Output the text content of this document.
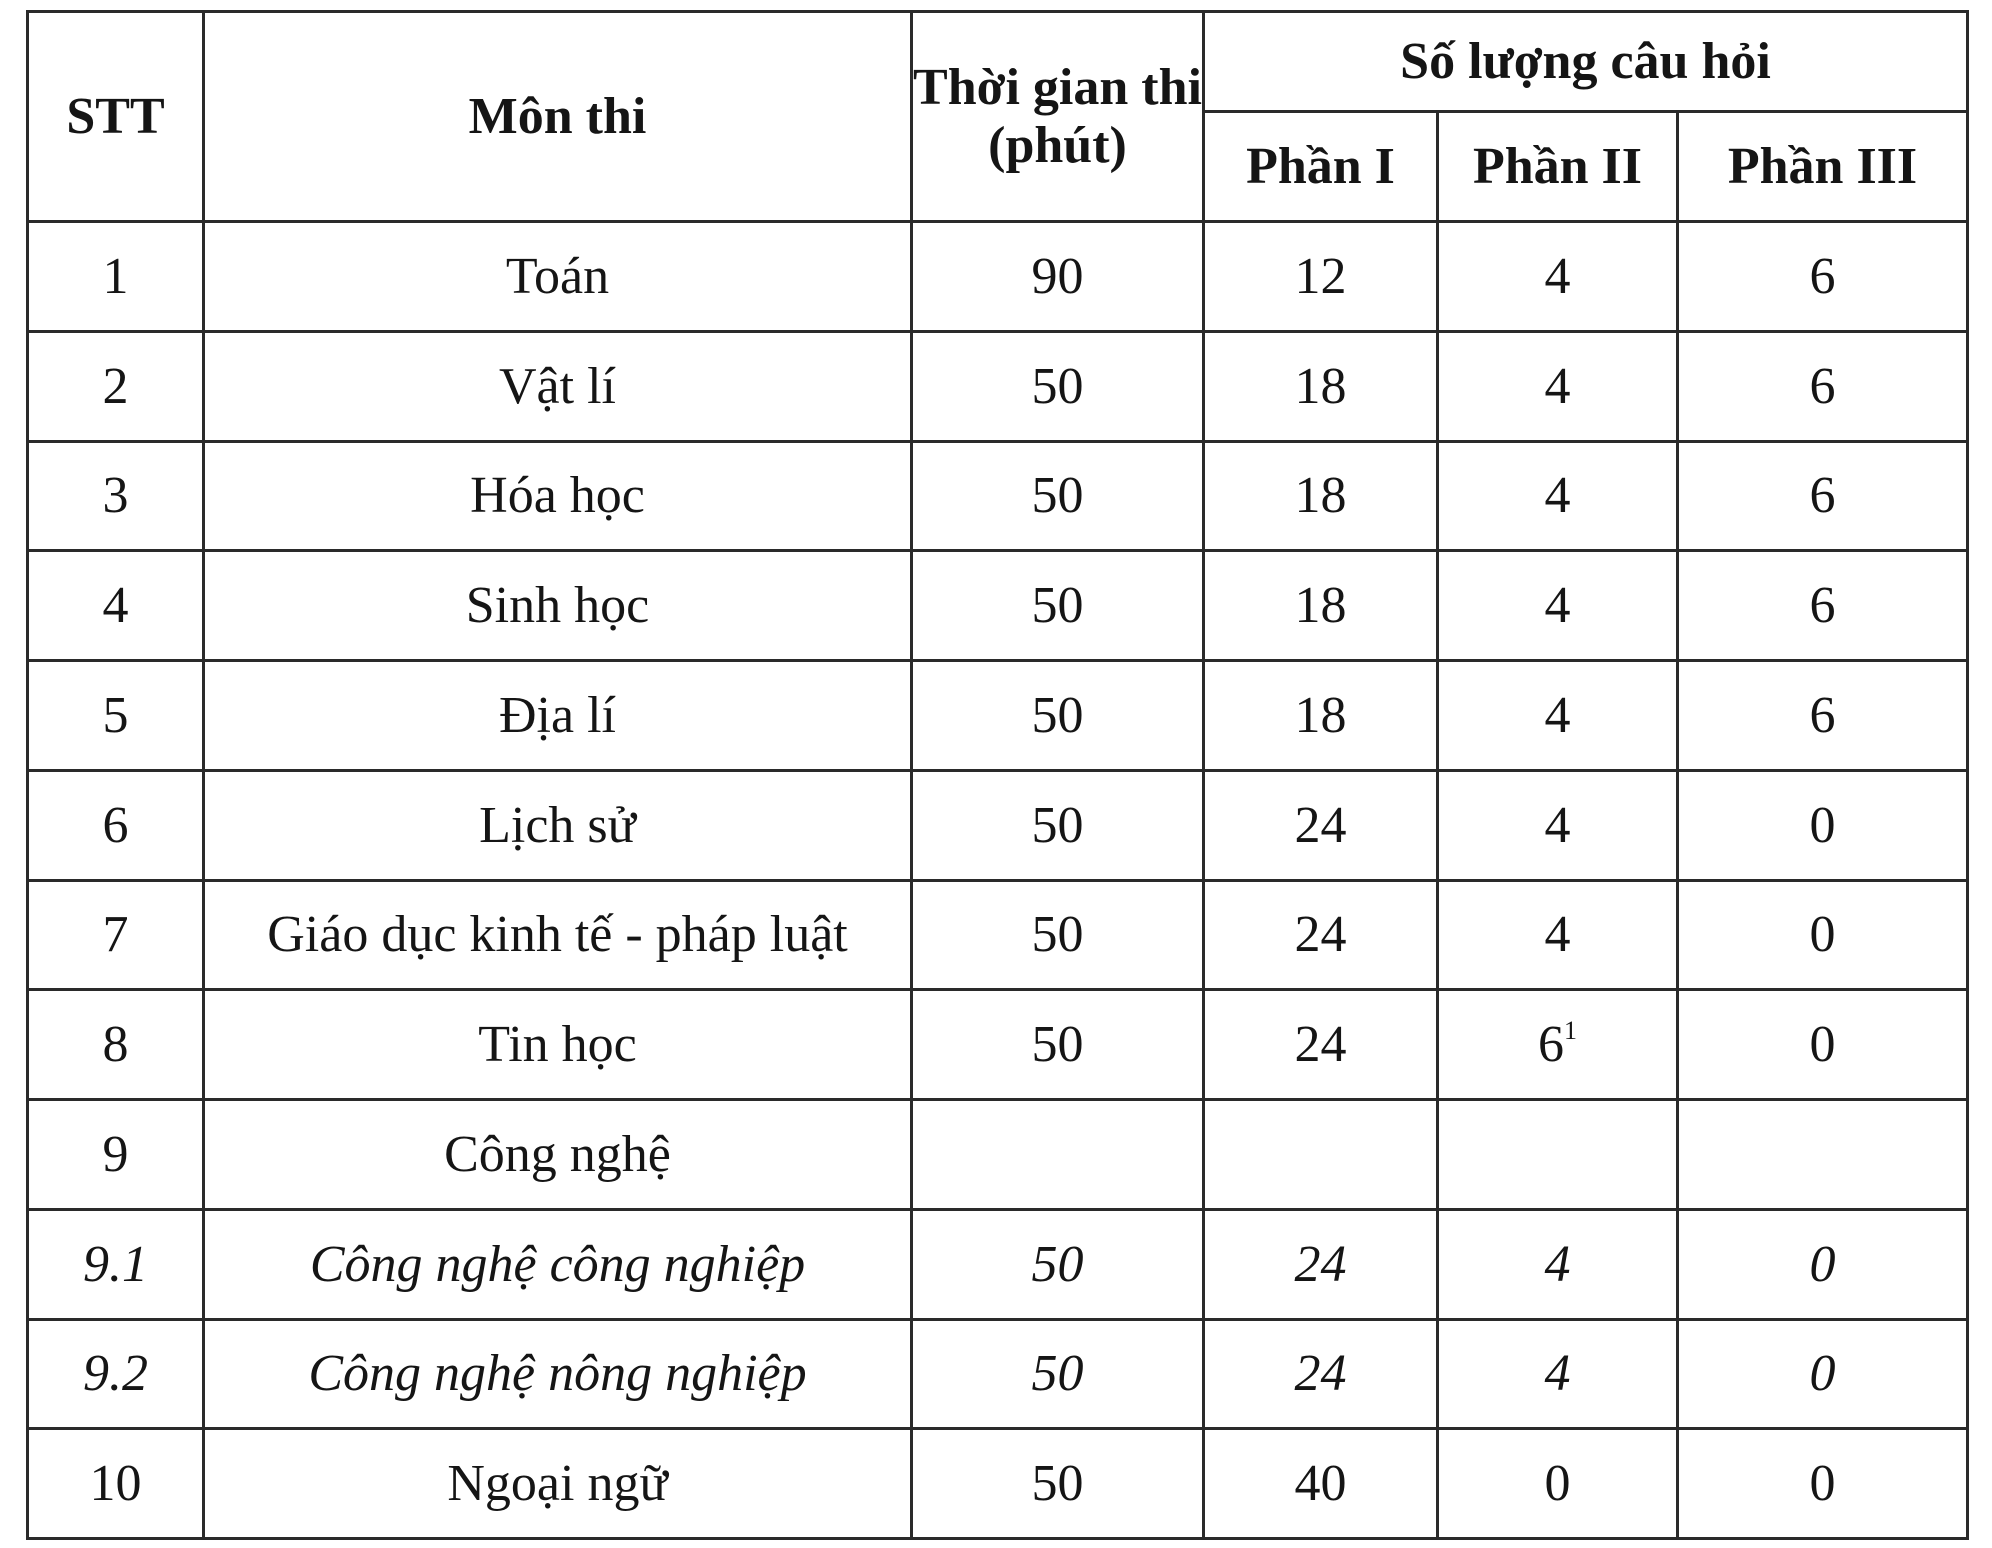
STT	Môn thi	Thời gian thi (phút)	Số lượng câu hỏi		
			Phần I	Phần II	Phần III
1	Toán	90	12	4	6
2	Vật lí	50	18	4	6
3	Hóa học	50	18	4	6
4	Sinh học	50	18	4	6
5	Địa lí	50	18	4	6
6	Lịch sử	50	24	4	0
7	Giáo dục kinh tế - pháp luật	50	24	4	0
8	Tin học	50	24	6$^1$	0
9	Công nghệ				
9.1	Công nghệ công nghiệp	50	24	4	0
9.2	Công nghệ nông nghiệp	50	24	4	0
10	Ngoại ngữ	50	40	0	0
